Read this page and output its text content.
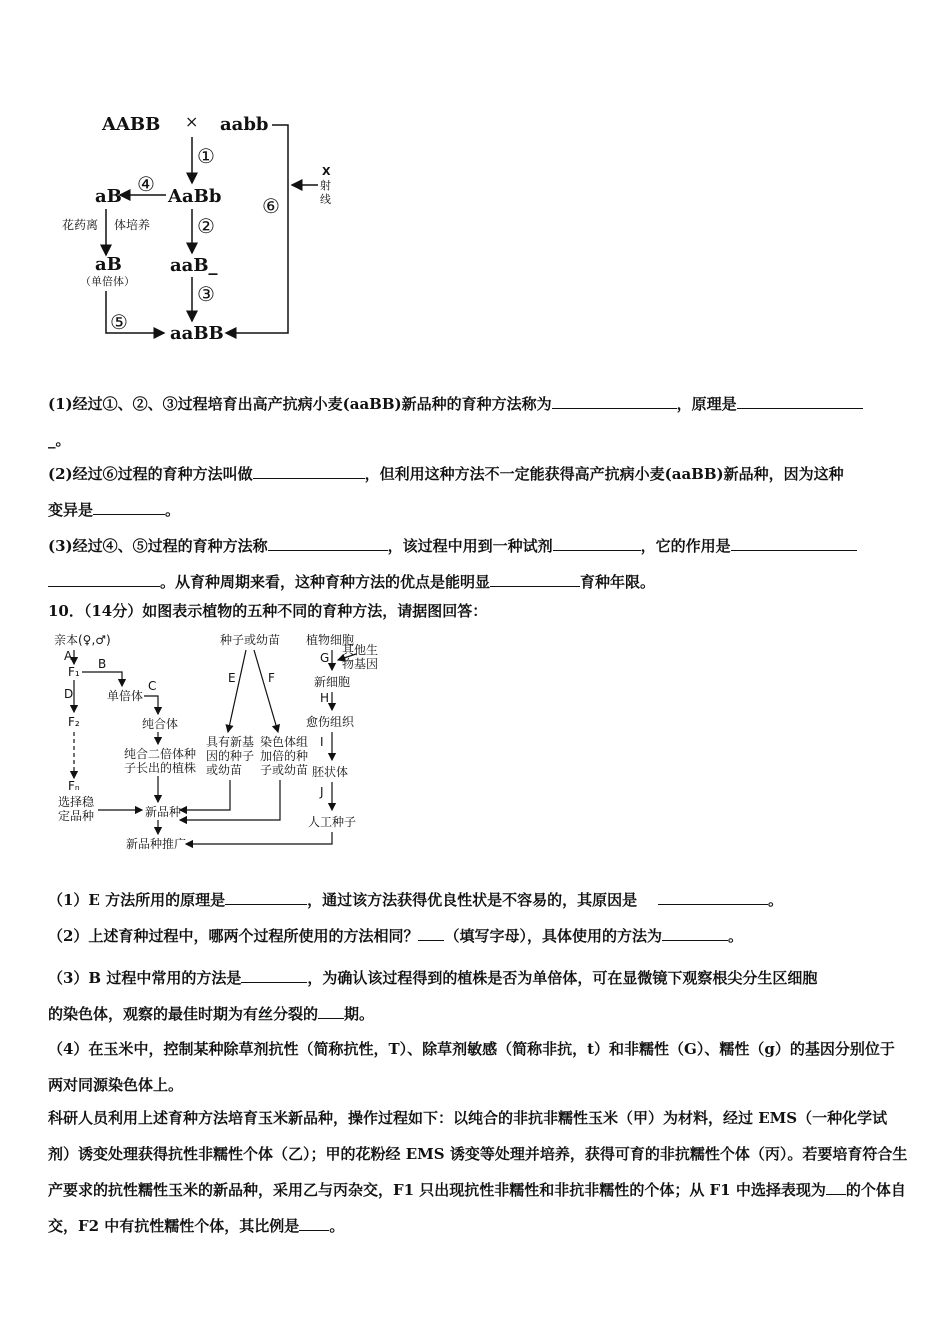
AABB × aabb
①
AaBb
④
aB
花药离 体培养
aB
（单倍体）
②
aaB_
③
⑤ aaBB
⑥
X
射
线
(1)经过①、②、③过程培育出高产抗病小麦(aaBB)新品种的育种方法称为	，原理是
_。
(2)经过⑥过程的育种方法叫做	，但利用这种方法不一定能获得高产抗病小麦(aaBB)新品种，因为这种
变异是	。
(3)经过④、⑤过程的育种方法称	，该过程中用到一种试剂	，它的作用是
。从育种周期来看，这种育种方法的优点是能明显	育种年限。
10．（14分）如图表示植物的五种不同的育种方法，请据图回答：
亲本(♀,♂)
A
F₁
B
单倍体
C
纯合体
纯合二倍体种
子长出的植株
D
F₂
Fₙ
选择稳
定品种	新品种
新品种推广
种子或幼苗
E	F
具有新基
因的种子
或幼苗
染色体组
加倍的种
子或幼苗
植物细胞
G
其他生
物基因
新细胞
H
愈伤组织
I
胚状体
J
人工种子
（1）E 方法所用的原理是	，通过该方法获得优良性状是不容易的，其原因是	。
（2）上述育种过程中，哪两个过程所使用的方法相同？ （填写字母），具体使用的方法为	。
（3）B 过程中常用的方法是	，为确认该过程得到的植株是否为单倍体，可在显微镜下观察根尖分生区细胞
的染色体，观察的最佳时期为有丝分裂的 期。
（4）在玉米中，控制某种除草剂抗性（简称抗性，T）、除草剂敏感（简称非抗，t）和非糯性（G）、糯性（g）的基因分别位于两对同源染色体上。
科研人员利用上述育种方法培育玉米新品种，操作过程如下：以纯合的非抗非糯性玉米（甲）为材料，经过 EMS（一种化学试剂）诱变处理获得抗性非糯性个体（乙）；甲的花粉经 EMS 诱变等处理并培养，获得可育的非抗糯性个体（丙）。若要培育符合生产要求的抗性糯性玉米的新品种，采用乙与丙杂交，F1 只出现抗性非糯性和非抗非糯性的个体；从 F1 中选择表现为 的个体自交，F2 中有抗性糯性个体，其比例是 。
